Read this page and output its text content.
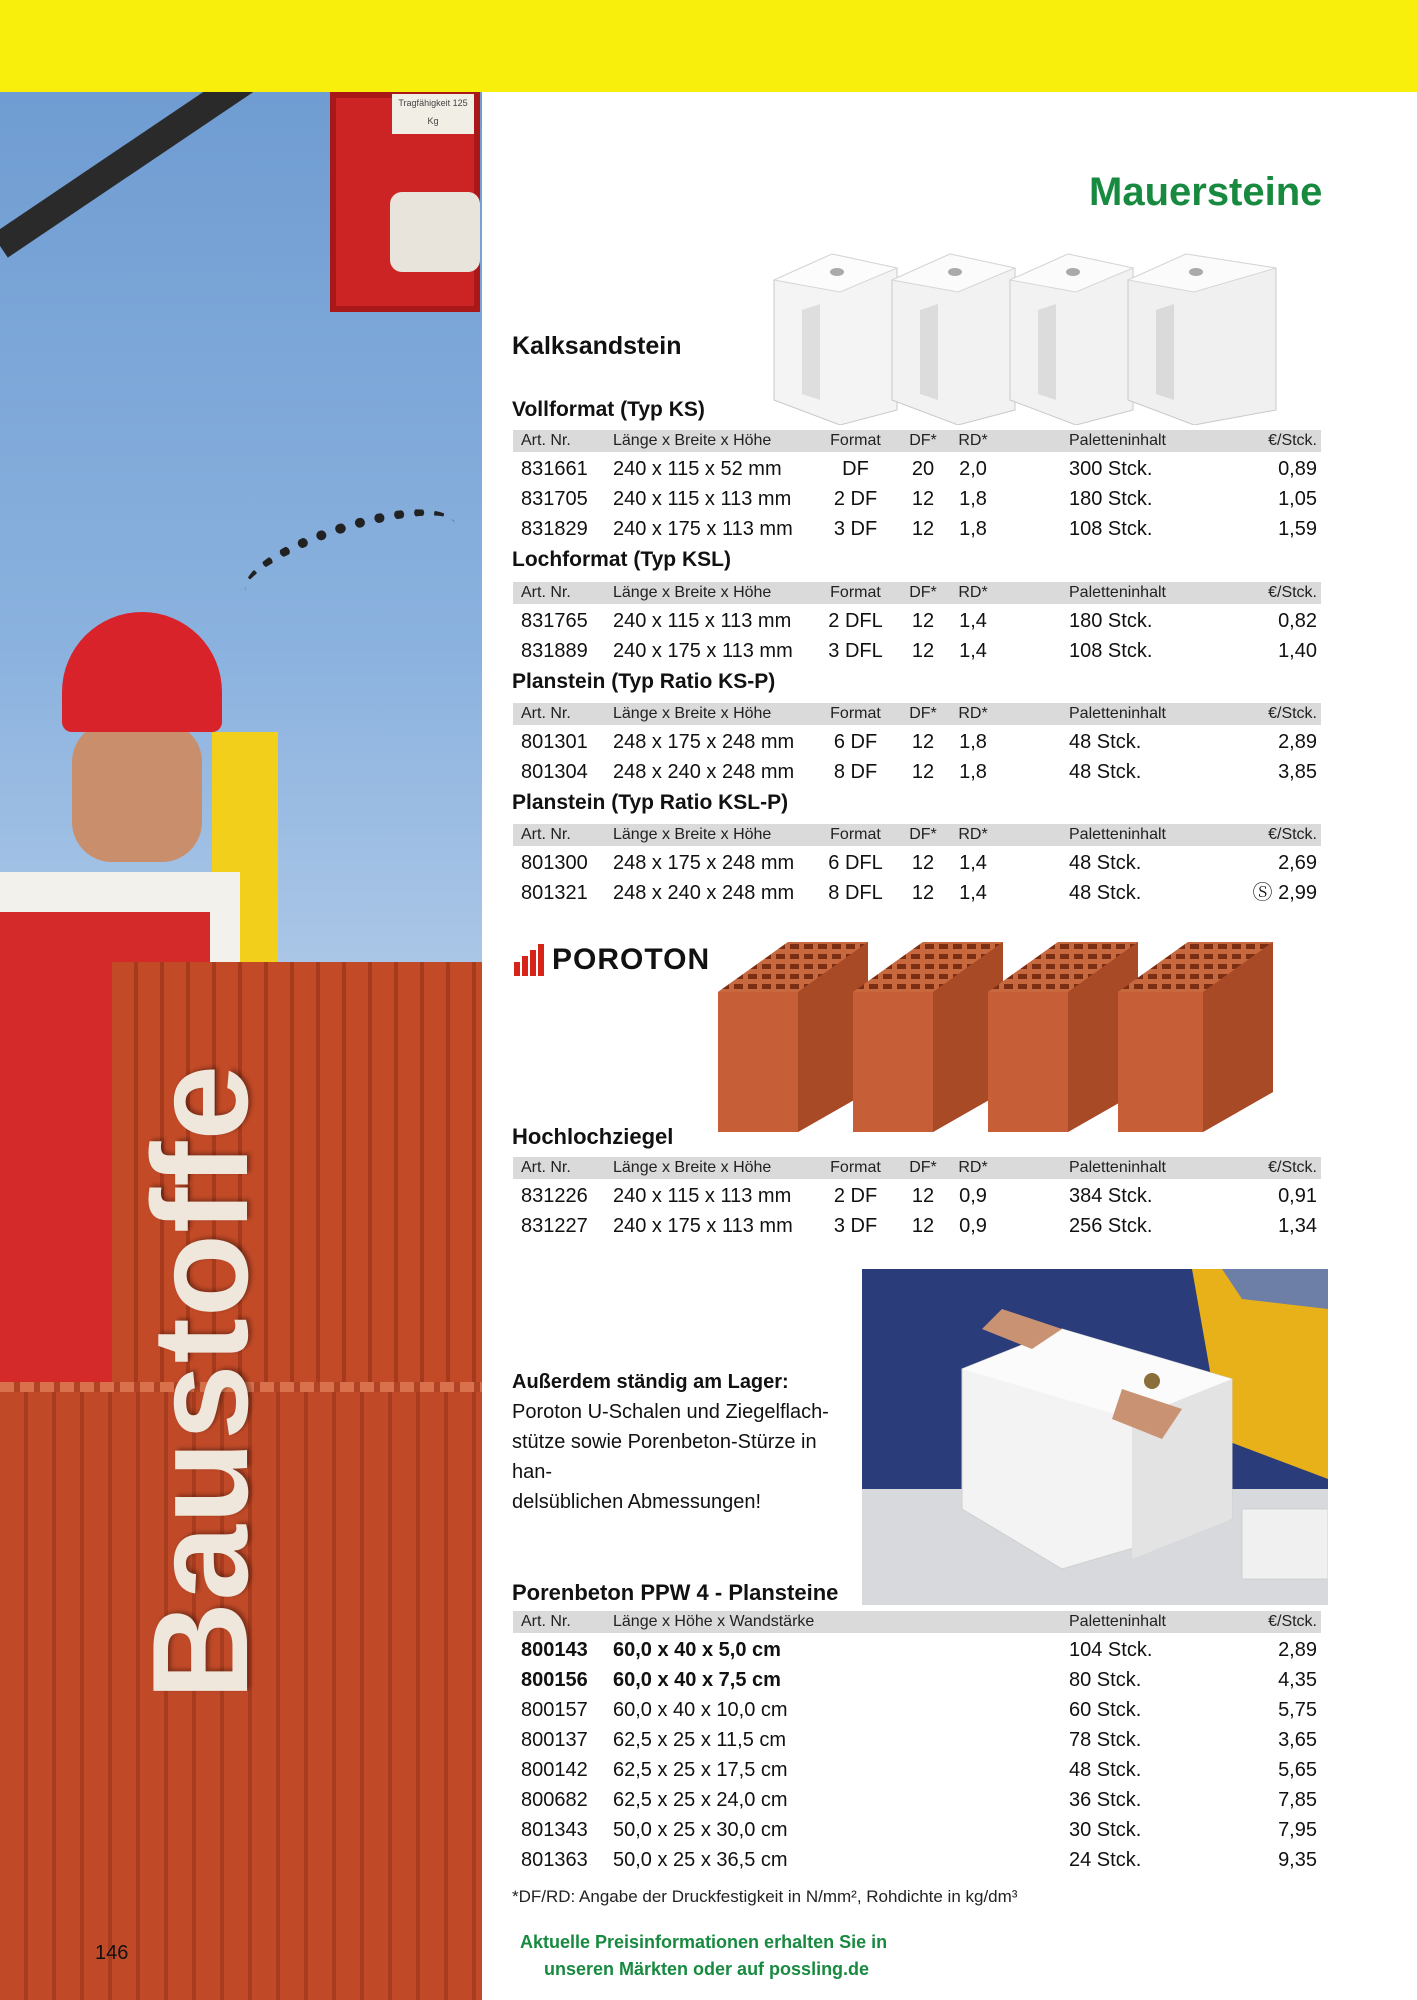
Tragfähigkeit 125 Kg
Baustoffe
146
Mauersteine
Kalksandstein
Vollformat (Typ KS)
Art. Nr.	Länge x Breite x Höhe	Format	DF*	RD*	Paletteninhalt	€/Stck.
831661 240 x 115 x 52 mm	DF	20	2,0	300 Stck.	0,89
831705 240 x 115 x 113 mm	2 DF	12	1,8	180 Stck.	1,05
831829 240 x 175 x 113 mm	3 DF	12	1,8	108 Stck.	1,59
Lochformat (Typ KSL)
Art. Nr.	Länge x Breite x Höhe	Format	DF*	RD*	Paletteninhalt	€/Stck.
831765 240 x 115 x 113 mm	2 DFL	12	1,4	180 Stck.	0,82
831889 240 x 175 x 113 mm	3 DFL	12	1,4	108 Stck.	1,40
Planstein (Typ Ratio KS-P)
Art. Nr.	Länge x Breite x Höhe	Format	DF*	RD*	Paletteninhalt	€/Stck.
801301 248 x 175 x 248 mm	6 DF	12	1,8	48 Stck.	2,89
801304 248 x 240 x 248 mm	8 DF	12	1,8	48 Stck.	3,85
Planstein (Typ Ratio KSL-P)
Art. Nr.	Länge x Breite x Höhe	Format	DF*	RD*	Paletteninhalt	€/Stck.
801300 248 x 175 x 248 mm	6 DFL	12	1,4	48 Stck.	2,69
801321 248 x 240 x 248 mm	8 DFL	12	1,4	48 Stck.	Ⓢ 2,99
POROTON
Hochlochziegel
Art. Nr.	Länge x Breite x Höhe	Format	DF*	RD*	Paletteninhalt	€/Stck.
831226 240 x 115 x 113 mm	2 DF	12	0,9	384 Stck.	0,91
831227 240 x 175 x 113 mm	3 DF	12	0,9	256 Stck.	1,34
Außerdem ständig am Lager:
Poroton U-Schalen und Ziegelflach-
stütze sowie Porenbeton-Stürze in han-
delsüblichen Abmessungen!
Porenbeton PPW 4 - Plansteine
Art. Nr.	Länge x Höhe x Wandstärke	Paletteninhalt	€/Stck.
800143 60,0 x 40 x 5,0 cm	104 Stck.	2,89
800156 60,0 x 40 x 7,5 cm	80 Stck.	4,35
800157 60,0 x 40 x 10,0 cm	60 Stck.	5,75
800137 62,5 x 25 x 11,5 cm	78 Stck.	3,65
800142 62,5 x 25 x 17,5 cm	48 Stck.	5,65
800682 62,5 x 25 x 24,0 cm	36 Stck.	7,85
801343 50,0 x 25 x 30,0 cm	30 Stck.	7,95
801363 50,0 x 25 x 36,5 cm	24 Stck.	9,35
*DF/RD: Angabe der Druckfestigkeit in N/mm², Rohdichte in kg/dm³
Aktuelle Preisinformationen erhalten Sie in
unseren Märkten oder auf possling.de
